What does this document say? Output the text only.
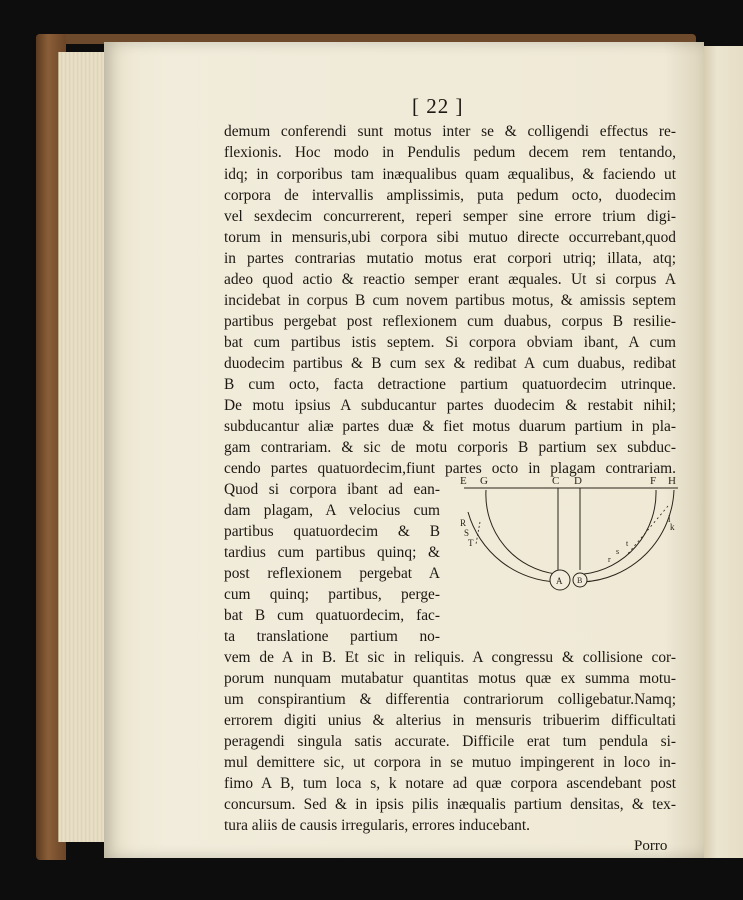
[ 22 ]
demum conferendi sunt motus inter se & colligendi effectus re-
flexionis. Hoc modo in Pendulis pedum decem rem tentando,
idq; in corporibus tam inæqualibus quam æqualibus, & faciendo ut
corpora de intervallis amplissimis, puta pedum octo, duodecim
vel sexdecim concurrerent, reperi semper sine errore trium digi-
torum in mensuris,ubi corpora sibi mutuo directe occurrebant,quod
in partes contrarias mutatio motus erat corpori utriq; illata, atq;
adeo quod actio & reactio semper erant æquales. Ut si corpus A
incidebat in corpus B cum novem partibus motus, & amissis septem
partibus pergebat post reflexionem cum duabus, corpus B resilie-
bat cum partibus istis septem. Si corpora obviam ibant, A cum
duodecim partibus & B cum sex & redibat A cum duabus, redibat
B cum octo, facta detractione partium quatuordecim utrinque.
De motu ipsius A subducantur partes duodecim & restabit nihil;
subducantur aliæ partes duæ & fiet motus duarum partium in pla-
gam contrariam. & sic de motu corporis B partium sex subduc-
cendo partes quatuordecim,fiunt partes octo in plagam contrariam.
Quod si corpora ibant ad ean-
dam plagam, A velocius cum
partibus quatuordecim & B
tardius cum partibus quinq; &
post reflexionem pergebat A
cum quinq; partibus, perge-
bat B cum quatuordecim, fac-
ta translatione partium no-
vem de A in B. Et sic in reliquis. A congressu & collisione cor-
porum nunquam mutabatur quantitas motus quæ ex summa motu-
um conspirantium & differentia contrariorum colligebatur.Namq;
errorem digiti unius & alterius in mensuris tribuerim difficultati
peragendi singula satis accurate. Difficile erat tum pendula si-
mul demittere sic, ut corpora in se mutuo impingerent in loco in-
fimo A B, tum loca s, k notare ad quæ corpora ascendebant post
concursum. Sed & in ipsis pilis inæqualis partium densitas, & tex-
tura aliis de causis irregularis, errores inducebant.
Porro
E G	C D	F H
A B
R
S
T
l
k
t
s
r
